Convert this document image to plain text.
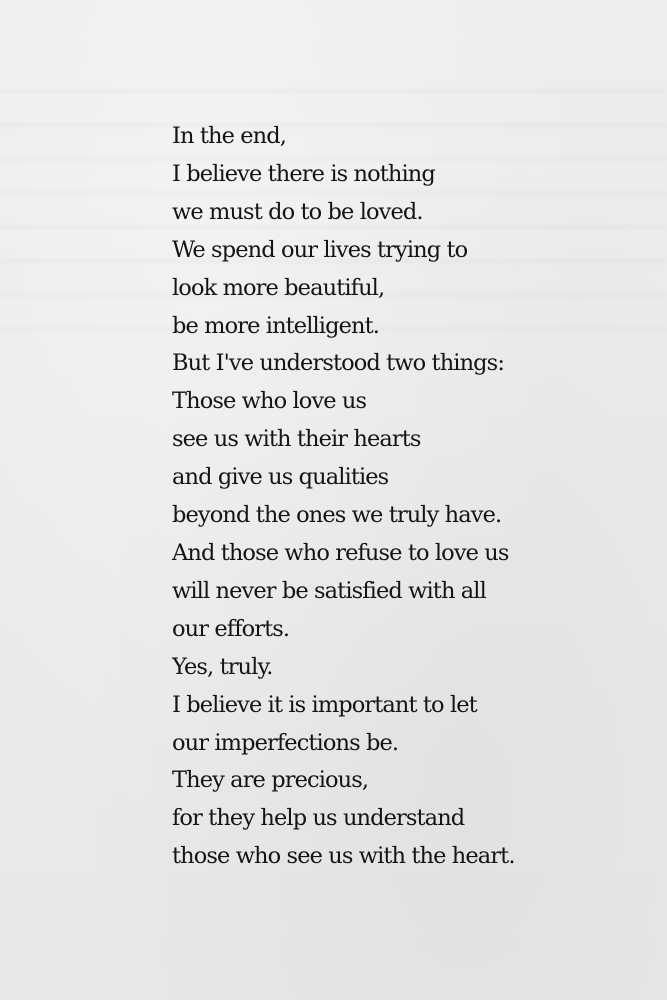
In the end,
I believe there is nothing
we must do to be loved.
We spend our lives trying to
look more beautiful,
be more intelligent.
But I've understood two things:
Those who love us
see us with their hearts
and give us qualities
beyond the ones we truly have.
And those who refuse to love us
will never be satisfied with all
our efforts.
Yes, truly.
I believe it is important to let
our imperfections be.
They are precious,
for they help us understand
those who see us with the heart.
